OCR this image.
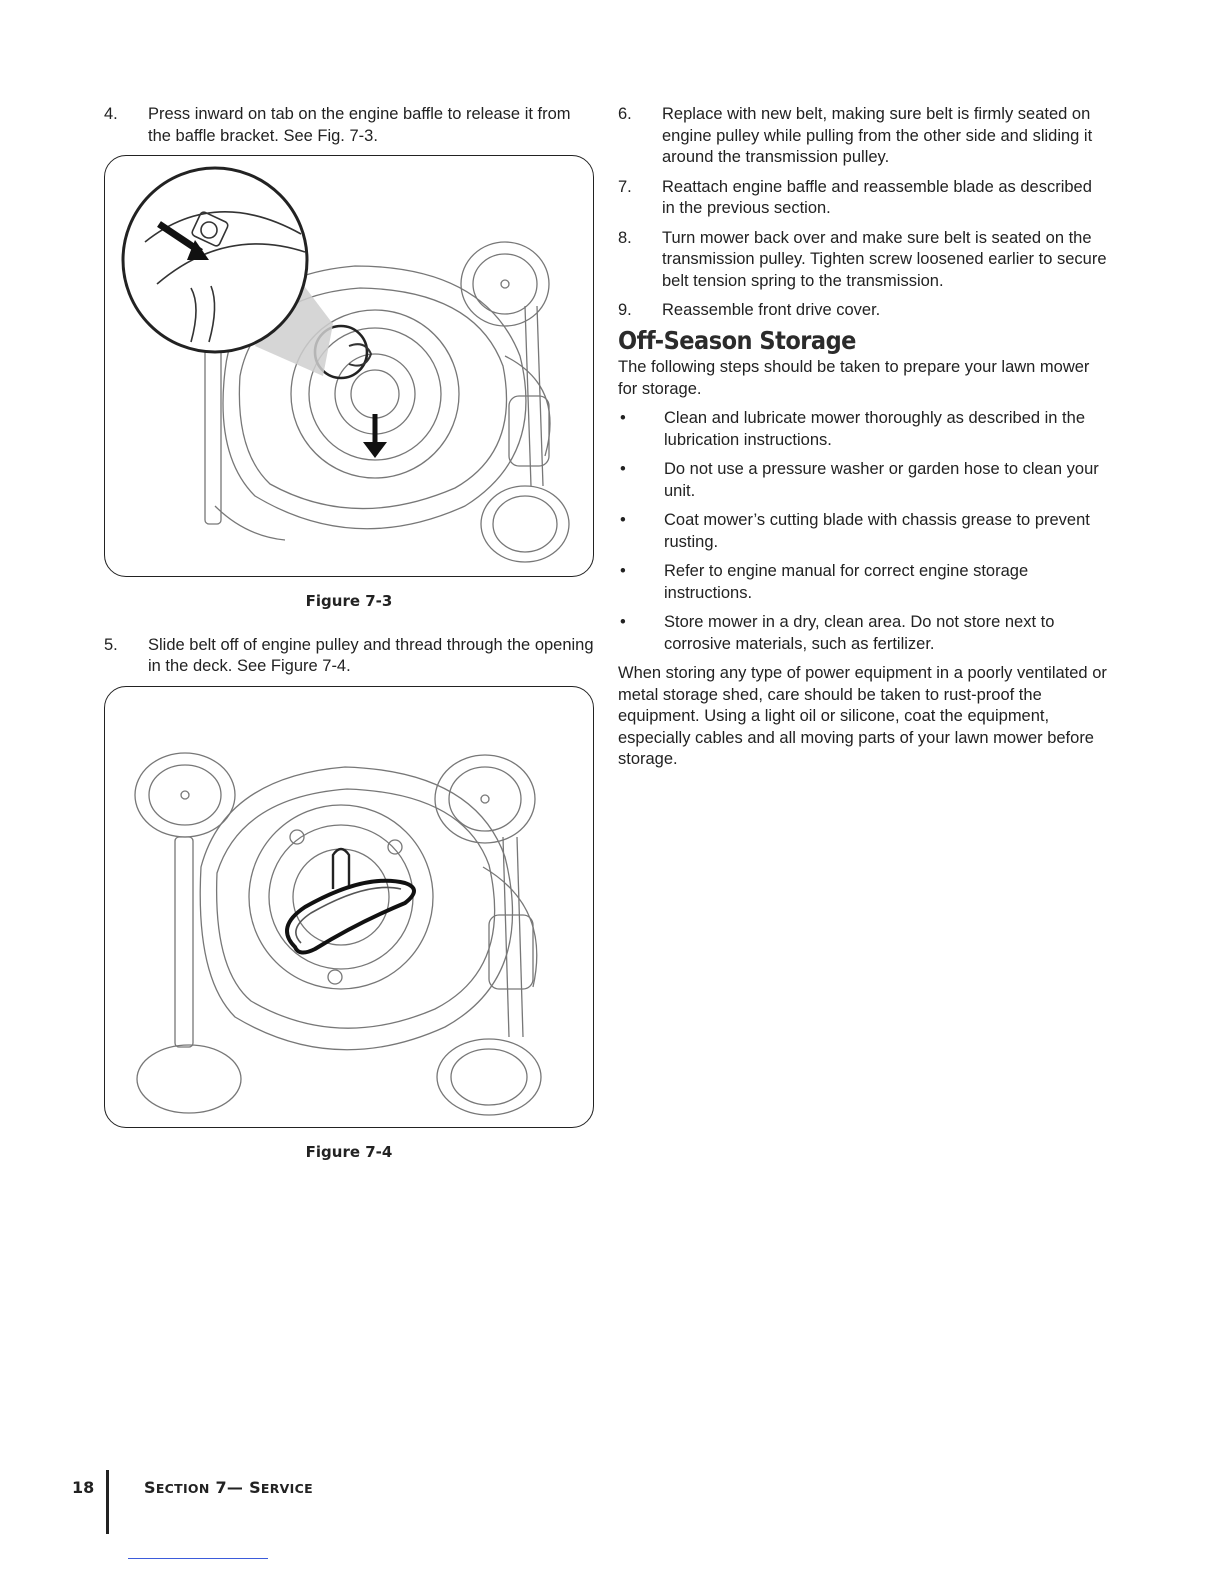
4.	Press inward on tab on the engine baffle to release it from the baffle bracket. See Fig. 7-3.
Figure 7-3
5.	Slide belt off of engine pulley and thread through the opening in the deck. See Figure 7-4.
Figure 7-4
6.	Replace with new belt, making sure belt is firmly seated on engine pulley while pulling from the other side and sliding it around the transmission pulley.
7.	Reattach engine baffle and reassemble blade as described in the previous section.
8.	Turn mower back over and make sure belt is seated on the transmission pulley. Tighten screw loosened earlier to secure belt tension spring to the transmission.
9.	Reassemble front drive cover.
Off-Season Storage

The following steps should be taken to prepare your lawn mower for storage.

•	Clean and lubricate mower thoroughly as described in the lubrication instructions.
•	Do not use a pressure washer or garden hose to clean your unit.
•	Coat mower’s cutting blade with chassis grease to prevent rusting.
•	Refer to engine manual for correct engine storage instructions.
•	Store mower in a dry, clean area. Do not store next to corrosive materials, such as fertilizer.

When storing any type of power equipment in a poorly ventilated or metal storage shed, care should be taken to rust-proof the equipment. Using a light oil or silicone, coat the equipment, especially cables and all moving parts of your lawn mower before storage.

18	SECTION 7— SERVICE
